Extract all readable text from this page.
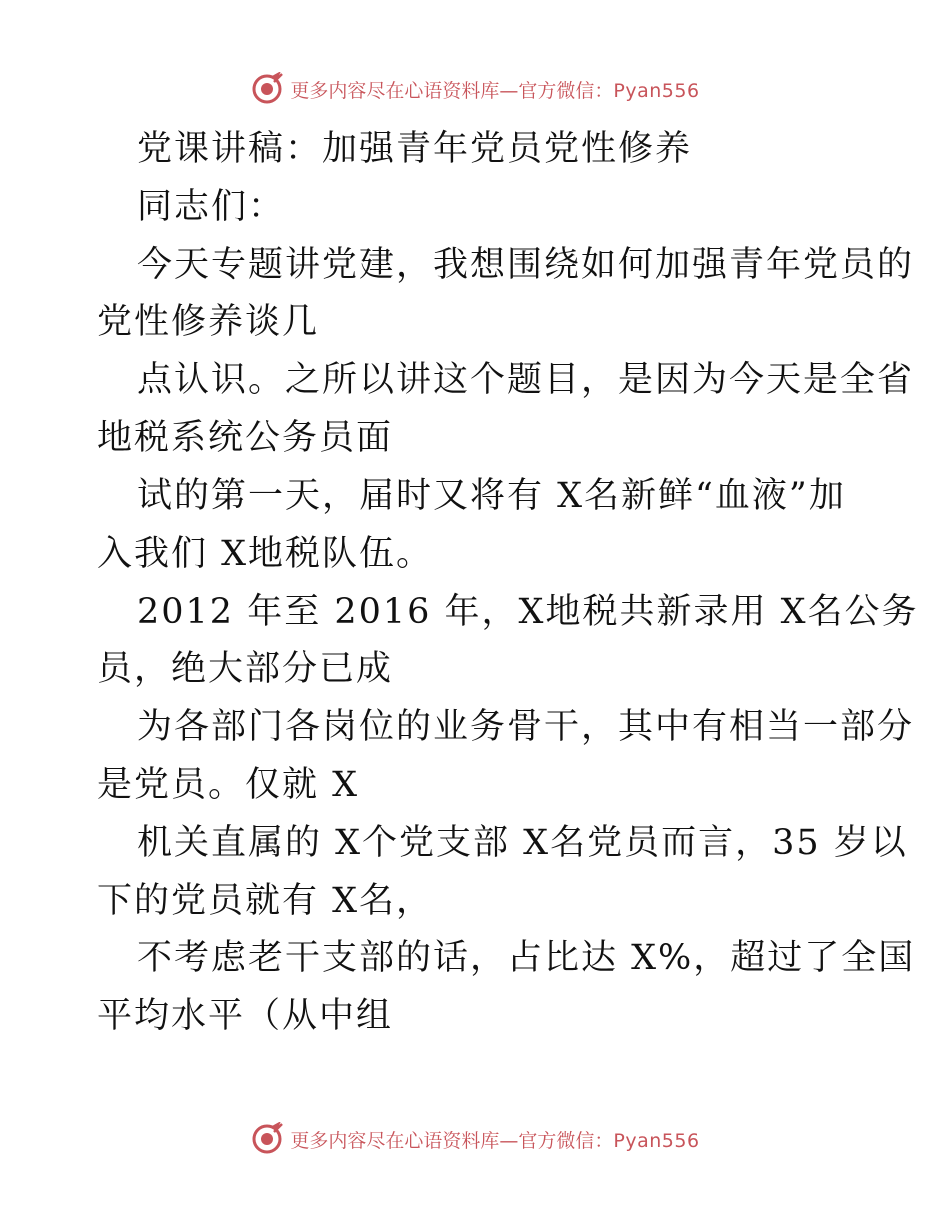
更多内容尽在心语资料库—官方微信：Pyan556
党课讲稿：加强青年党员党性修养
同志们：
今天专题讲党建，我想围绕如何加强青年党员的
党性修养谈几
点认识。之所以讲这个题目，是因为今天是全省
地税系统公务员面
试的第一天，届时又将有 X名新鲜“血液”加
入我们 X地税队伍。
2012 年至 2016 年，X地税共新录用 X名公务
员，绝大部分已成
为各部门各岗位的业务骨干，其中有相当一部分
是党员。仅就 X
机关直属的 X个党支部 X名党员而言，35 岁以
下的党员就有 X名，
不考虑老干支部的话，占比达 X%，超过了全国
平均水平（从中组
更多内容尽在心语资料库—官方微信：Pyan556
